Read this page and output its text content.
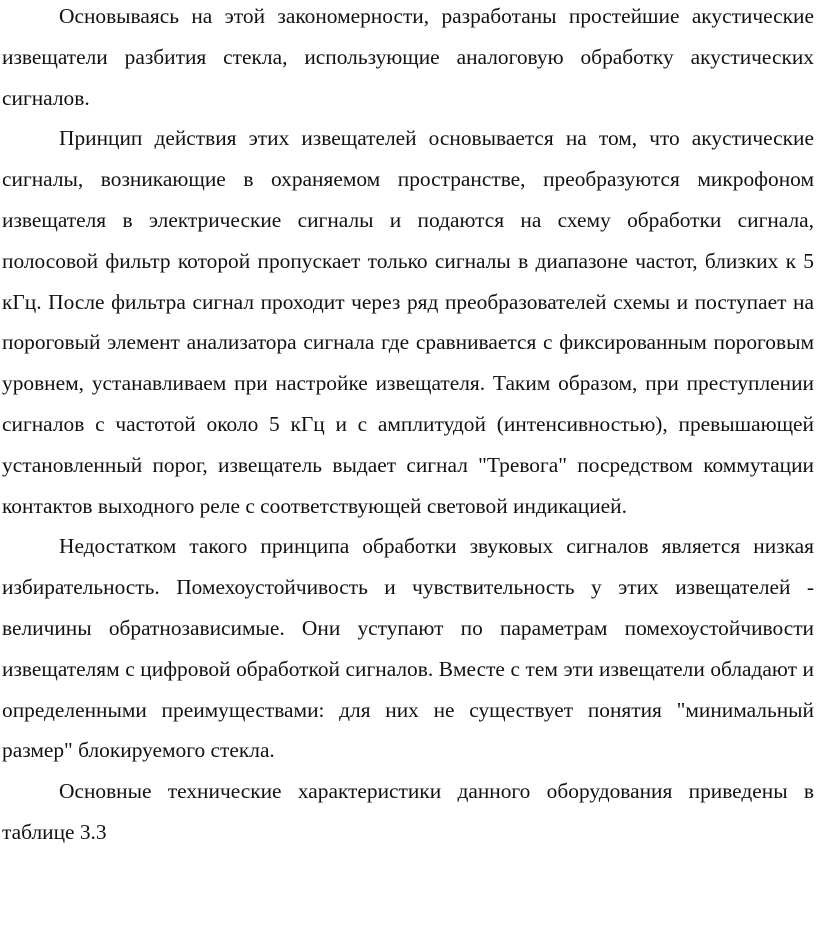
Основываясь на этой закономерности, разработаны простейшие акустические извещатели разбития стекла, использующие аналоговую обработку акустических сигналов.

Принцип действия этих извещателей основывается на том, что акустические сигналы, возникающие в охраняемом пространстве, преобразуются микрофоном извещателя в электрические сигналы и подаются на схему обработки сигнала, полосовой фильтр которой пропускает только сигналы в диапазоне частот, близких к 5 кГц. После фильтра сигнал проходит через ряд преобразователей схемы и поступает на пороговый элемент анализатора сигнала где сравнивается с фиксированным пороговым уровнем, устанавливаем при настройке извещателя. Таким образом, при преступлении сигналов с частотой около 5 кГц и с амплитудой (интенсивностью), превышающей установленный порог, извещатель выдает сигнал "Тревога" посредством коммутации контактов выходного реле с соответствующей световой индикацией.

Недостатком такого принципа обработки звуковых сигналов является низкая избирательность. Помехоустойчивость и чувствительность у этих извещателей - величины обратнозависимые. Они уступают по параметрам помехоустойчивости извещателям с цифровой обработкой сигналов. Вместе с тем эти извещатели обладают и определенными преимуществами: для них не существует понятия "минимальный размер" блокируемого стекла.

Основные технические характеристики данного оборудования приведены в таблице 3.3
